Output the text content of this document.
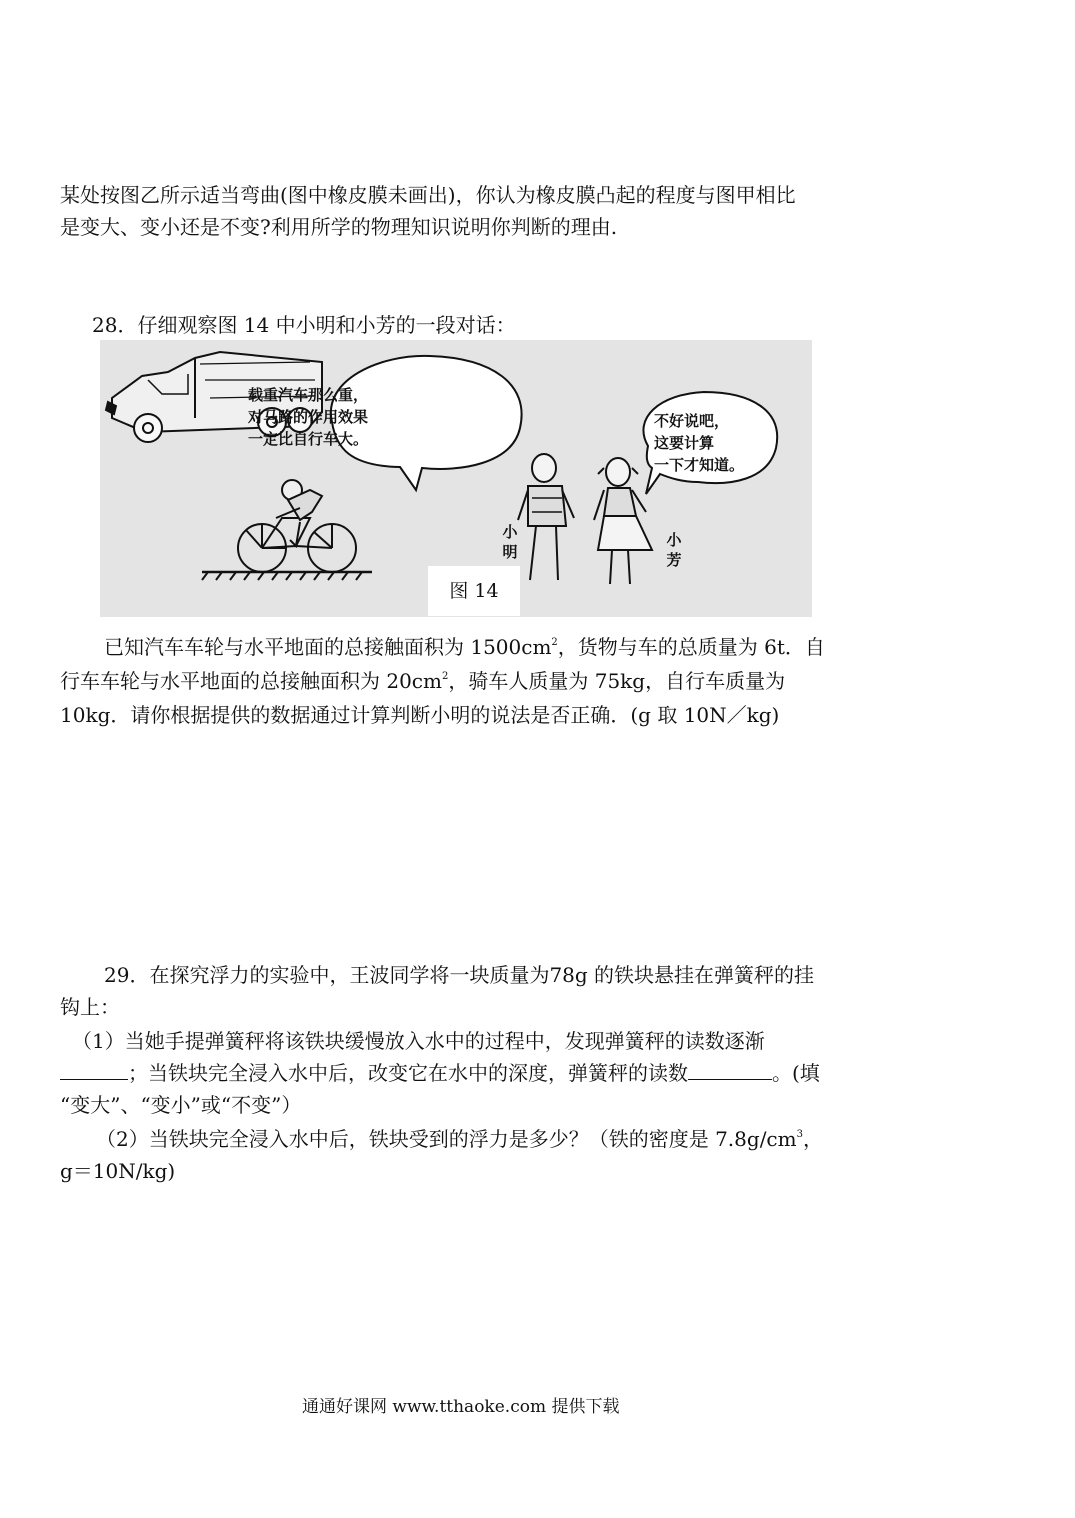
某处按图乙所示适当弯曲(图中橡皮膜未画出)，你认为橡皮膜凸起的程度与图甲相比
是变大、变小还是不变?利用所学的物理知识说明你判断的理由.
28．仔细观察图 14 中小明和小芳的一段对话：
载重汽车那么重，
对马路的作用效果
一定比自行车大。
不好说吧，
这要计算
一下才知道。
小明
小芳
图 14
已知汽车车轮与水平地面的总接触面积为 $1500cm^2$，货物与车的总质量为 6t．自
行车车轮与水平地面的总接触面积为 $20cm^2$，骑车人质量为 75kg，自行车质量为
10kg．请你根据提供的数据通过计算判断小明的说法是否正确．(g 取 10N／kg)
29．在探究浮力的实验中，王波同学将一块质量为78g 的铁块悬挂在弹簧秤的挂
钩上：
（1）当她手提弹簧秤将该铁块缓慢放入水中的过程中，发现弹簧秤的读数逐渐
；当铁块完全浸入水中后，改变它在水中的深度，弹簧秤的读数	。(填
“变大”、“变小”或“不变”）
（2）当铁块完全浸入水中后，铁块受到的浮力是多少？（铁的密度是 $7.8g/cm^3$，
g＝10N/kg)
通通好课网 www.tthaoke.com 提供下载
